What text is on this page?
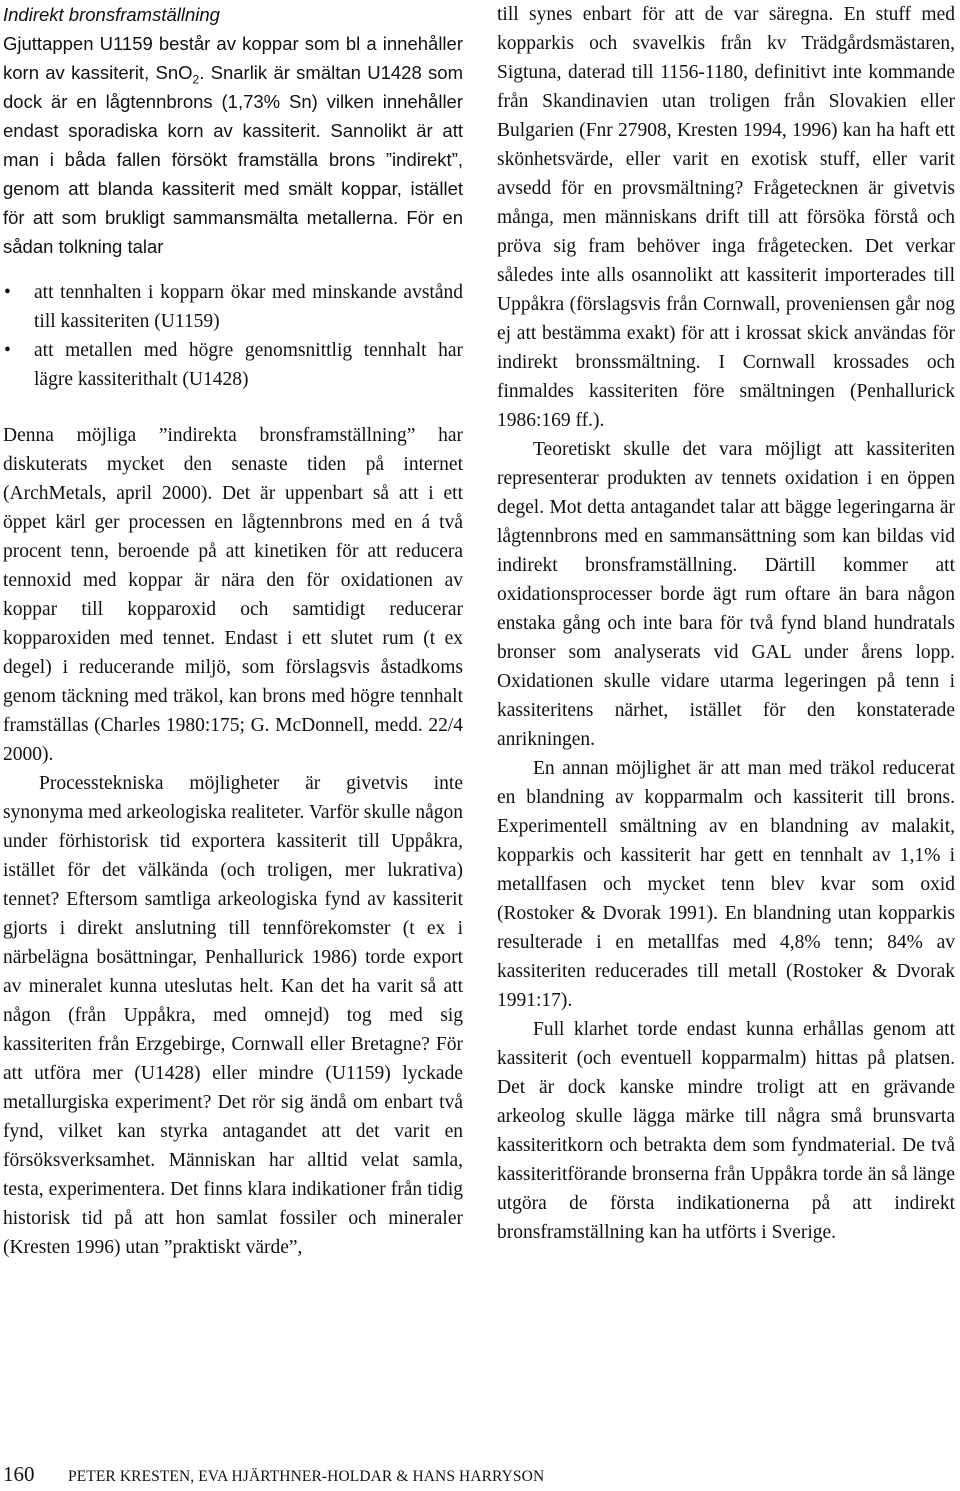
Indirekt bronsframställning

Gjuttappen U1159 består av koppar som bl a innehåller korn av kassiterit, SnO$_2$. Snarlik är smältan U1428 som dock är en lågtennbrons (1,73% Sn) vilken innehåller endast sporadiska korn av kassiterit. Sannolikt är att man i båda fallen försökt framställa brons ”indirekt”, genom att blanda kassiterit med smält koppar, istället för att som brukligt sammansmälta metallerna. För en sådan tolkning talar

• att tennhalten i kopparn ökar med minskande avstånd till kassiteriten (U1159)
• att metallen med högre genomsnittlig tennhalt har lägre kassiterithalt (U1428)

Denna möjliga ”indirekta bronsframställning” har diskuterats mycket den senaste tiden på internet (ArchMetals, april 2000). Det är uppenbart så att i ett öppet kärl ger processen en lågtennbrons med en á två procent tenn, beroende på att kinetiken för att reducera tennoxid med koppar är nära den för oxidationen av koppar till kopparoxid och samtidigt reducerar kopparoxiden med tennet. Endast i ett slutet rum (t ex degel) i reducerande miljö, som förslagsvis åstadkoms genom täckning med träkol, kan brons med högre tennhalt framställas (Charles 1980:175; G. McDonnell, medd. 22/4 2000).

Processtekniska möjligheter är givetvis inte synonyma med arkeologiska realiteter. Varför skulle någon under förhistorisk tid exportera kassiterit till Uppåkra, istället för det välkända (och troligen, mer lukrativa) tennet? Eftersom samtliga arkeologiska fynd av kassiterit gjorts i direkt anslutning till tennförekomster (t ex i närbelägna bosättningar, Penhallurick 1986) torde export av mineralet kunna uteslutas helt. Kan det ha varit så att någon (från Uppåkra, med omnejd) tog med sig kassiteriten från Erzgebirge, Cornwall eller Bretagne? För att utföra mer (U1428) eller mindre (U1159) lyckade metallurgiska experiment? Det rör sig ändå om enbart två fynd, vilket kan styrka antagandet att det varit en försöksverksamhet. Människan har alltid velat samla, testa, experimentera. Det finns klara indikationer från tidig historisk tid på att hon samlat fossiler och mineraler (Kresten 1996) utan ”praktiskt värde”,

till synes enbart för att de var säregna. En stuff med kopparkis och svavelkis från kv Trädgårdsmästaren, Sigtuna, daterad till 1156-1180, definitivt inte kommande från Skandinavien utan troligen från Slovakien eller Bulgarien (Fnr 27908, Kresten 1994, 1996) kan ha haft ett skönhetsvärde, eller varit en exotisk stuff, eller varit avsedd för en provsmältning? Frågetecknen är givetvis många, men människans drift till att försöka förstå och pröva sig fram behöver inga frågetecken. Det verkar således inte alls osannolikt att kassiterit importerades till Uppåkra (förslagsvis från Cornwall, proveniensen går nog ej att bestämma exakt) för att i krossat skick användas för indirekt bronssmältning. I Cornwall krossades och finmaldes kassiteriten före smältningen (Penhallurick 1986:169 ff.).

Teoretiskt skulle det vara möjligt att kassiteriten representerar produkten av tennets oxidation i en öppen degel. Mot detta antagandet talar att bägge legeringarna är lågtennbrons med en sammansättning som kan bildas vid indirekt bronsframställning. Därtill kommer att oxidationsprocesser borde ägt rum oftare än bara någon enstaka gång och inte bara för två fynd bland hundratals bronser som analyserats vid GAL under årens lopp. Oxidationen skulle vidare utarma legeringen på tenn i kassiteritens närhet, istället för den konstaterade anrikningen.

En annan möjlighet är att man med träkol reducerat en blandning av kopparmalm och kassiterit till brons. Experimentell smältning av en blandning av malakit, kopparkis och kassiterit har gett en tennhalt av 1,1% i metallfasen och mycket tenn blev kvar som oxid (Rostoker & Dvorak 1991). En blandning utan kopparkis resulterade i en metallfas med 4,8% tenn; 84% av kassiteriten reducerades till metall (Rostoker & Dvorak 1991:17).

Full klarhet torde endast kunna erhållas genom att kassiterit (och eventuell kopparmalm) hittas på platsen. Det är dock kanske mindre troligt att en grävande arkeolog skulle lägga märke till några små brunsvarta kassiteritkorn och betrakta dem som fyndmaterial. De två kassiteritförande bronserna från Uppåkra torde än så länge utgöra de första indikationerna på att indirekt bronsframställning kan ha utförts i Sverige.

160	PETER KRESTEN, EVA HJÄRTHNER-HOLDAR & HANS HARRYSON
